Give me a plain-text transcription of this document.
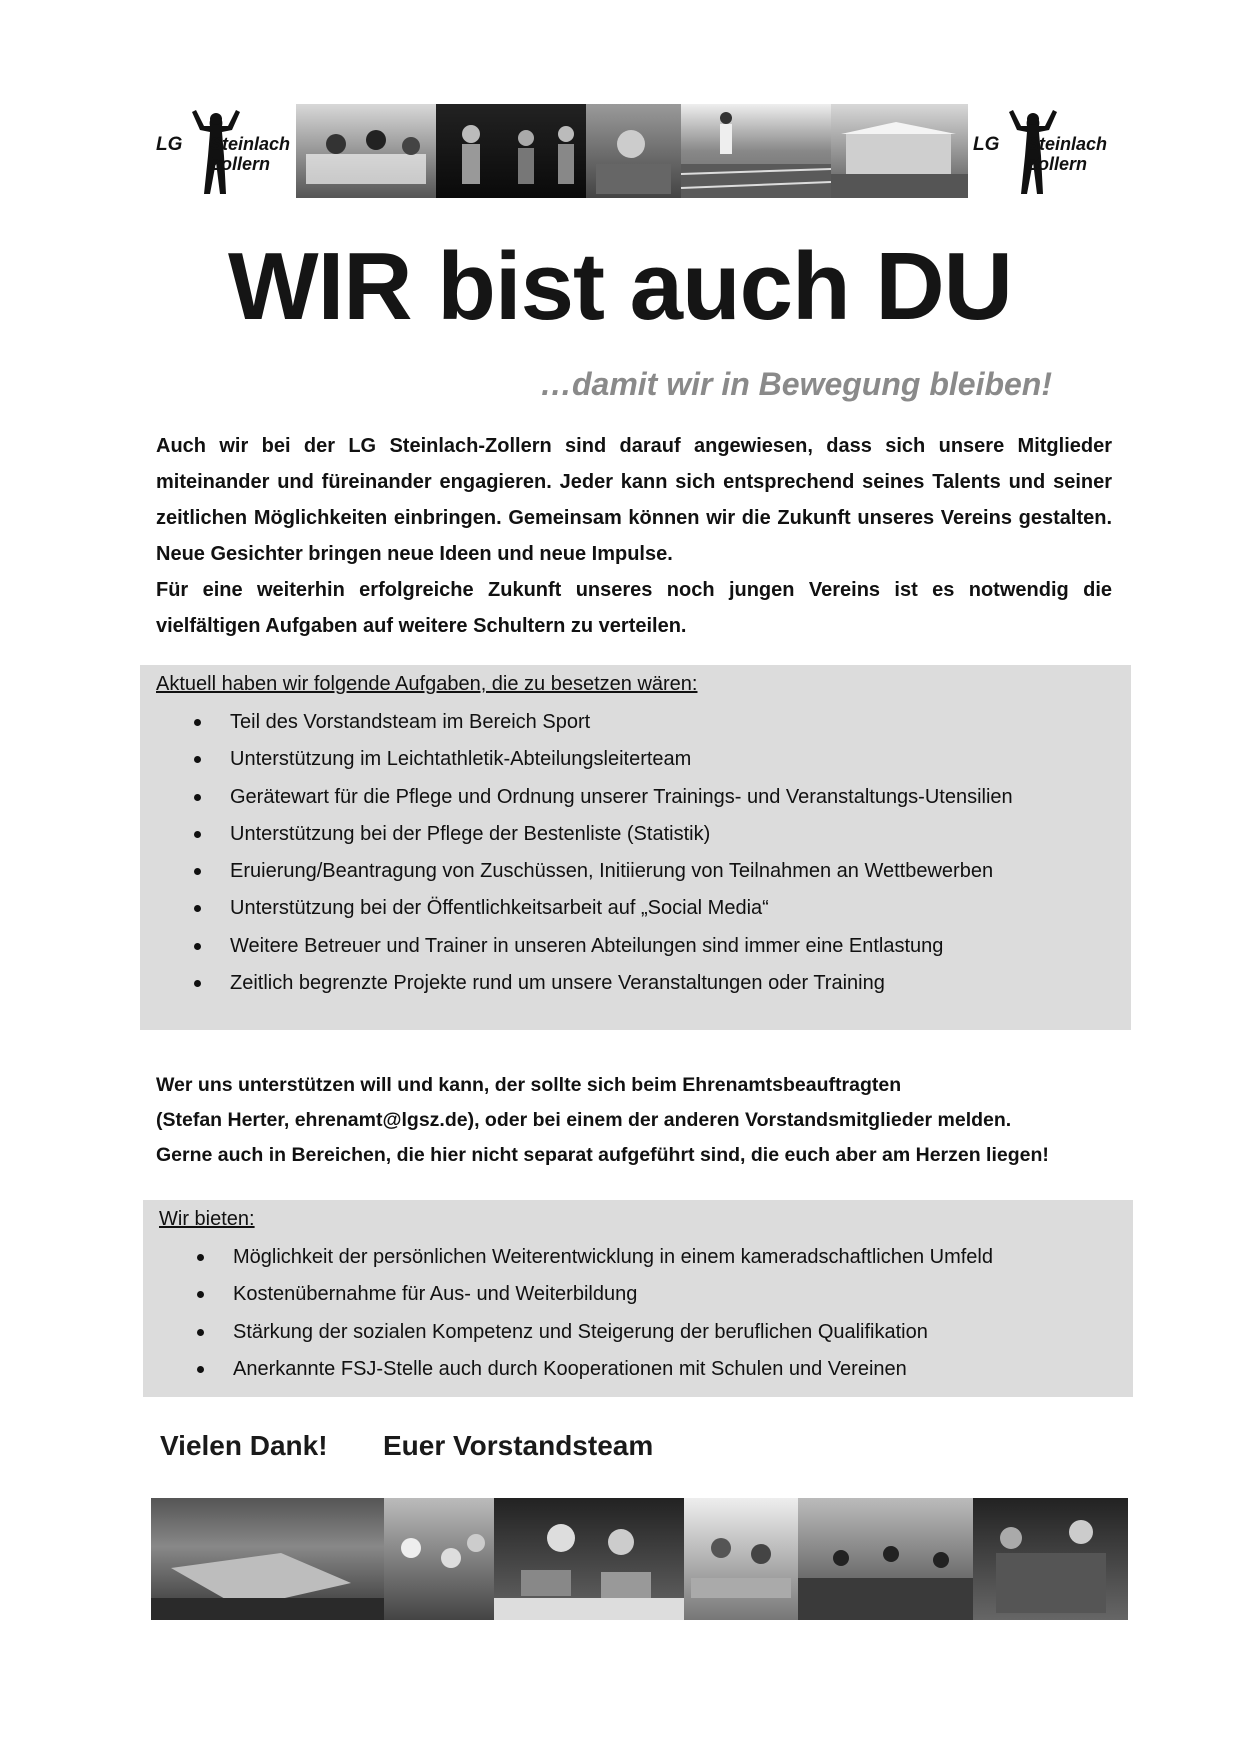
LG Steinlach
Zollern
LG Steinlach
Zollern
WIR bist auch DU
…damit wir in Bewegung bleiben!

Auch wir bei der LG Steinlach-Zollern sind darauf angewiesen, dass sich unsere Mitglieder miteinander und füreinander engagieren. Jeder kann sich entsprechend seines Talents und seiner zeitlichen Möglichkeiten einbringen. Gemeinsam können wir die Zukunft unseres Vereins gestalten. Neue Gesichter bringen neue Ideen und neue Impulse.

Für eine weiterhin erfolgreiche Zukunft unseres noch jungen Vereins ist es notwendig die vielfältigen Aufgaben auf weitere Schultern zu verteilen.

Aktuell haben wir folgende Aufgaben, die zu besetzen wären:
Teil des Vorstandsteam im Bereich Sport
Unterstützung im Leichtathletik-Abteilungsleiterteam
Gerätewart für die Pflege und Ordnung unserer Trainings- und Veranstaltungs-Utensilien
Unterstützung bei der Pflege der Bestenliste (Statistik)
Eruierung/Beantragung von Zuschüssen, Initiierung von Teilnahmen an Wettbewerben
Unterstützung bei der Öffentlichkeitsarbeit auf „Social Media“
Weitere Betreuer und Trainer in unseren Abteilungen sind immer eine Entlastung
Zeitlich begrenzte Projekte rund um unsere Veranstaltungen oder Training
Wer uns unterstützen will und kann, der sollte sich beim Ehrenamtsbeauftragten
(Stefan Herter, ehrenamt@lgsz.de), oder bei einem der anderen Vorstandsmitglieder melden.
Gerne auch in Bereichen, die hier nicht separat aufgeführt sind, die euch aber am Herzen liegen!
Wir bieten:
Möglichkeit der persönlichen Weiterentwicklung in einem kameradschaftlichen Umfeld
Kostenübernahme für Aus- und Weiterbildung
Stärkung der sozialen Kompetenz und Steigerung der beruflichen Qualifikation
Anerkannte FSJ-Stelle auch durch Kooperationen mit Schulen und Vereinen
Vielen Dank! Euer Vorstandsteam
